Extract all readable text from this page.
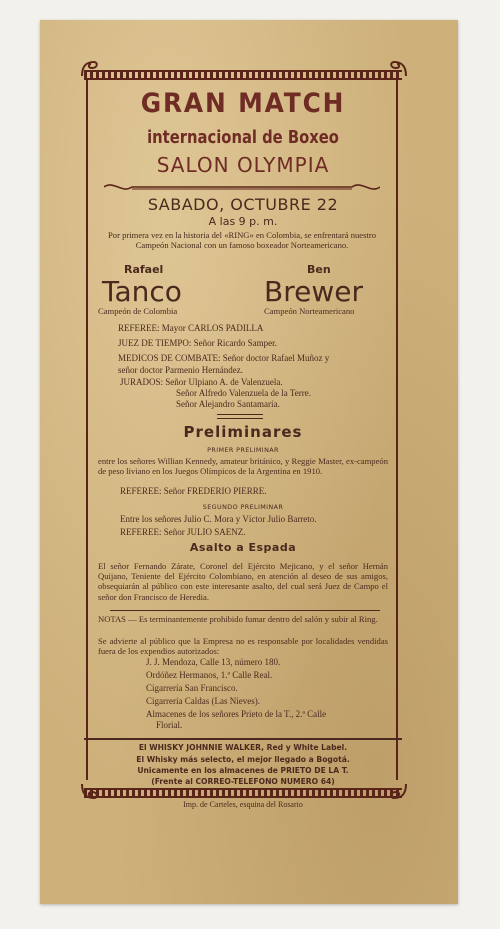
GRAN MATCH
internacional de Boxeo
SALON OLYMPIA
SABADO, OCTUBRE 22
A las 9 p. m.
Por primera vez en la historia del «RING» en Colombia, se enfrentará nuestro Campeón Nacional con un famoso boxeador Norteamericano.
Rafael
Tanco
Campeón de Colombia
Ben
Brewer
Campeón Norteamericano
REFEREE: Mayor CARLOS PADILLA
JUEZ DE TIEMPO: Señor Ricardo Samper.
MEDICOS DE COMBATE: Señor doctor Rafael Muñoz y
señor doctor Parmenio Hernández.
JURADOS: Señor Ulpiano A. de Valenzuela.
Señor Alfredo Valenzuela de la Terre.
Señor Alejandro Santamaría.
Preliminares
PRIMER PRELIMINAR
entre los señores Willian Kennedy, amateur británico, y Reggie Master, ex-campeón de peso liviano en los Juegos Olímpicos de la Argentina en 1910.
REFEREE: Señor FREDERIO PIERRE.
SEGUNDO PRELIMINAR
Entre los señores Julio C. Mora y Víctor Julio Barreto.
REFEREE: Señor JULIO SAENZ.
Asalto a Espada
El señor Fernando Zárate, Coronel del Ejército Mejicano, y el señor Hernán Quijano, Teniente del Ejército Colombiano, en atención al deseo de sus amigos, obsequiarán al público con este interesante asalto, del cual será Juez de Campo el señor don Francisco de Heredia.
NOTAS — Es terminantemente prohibido fumar dentro del salón y subir al Ring.
Se advierte al público que la Empresa no es responsable por localidades vendidas fuera de los expendios autorizados:
J. J. Mendoza, Calle 13, número 180.
Ordóñez Hermanos, 1.ª Calle Real.
Cigarrería San Francisco.
Cigarrería Caldas (Las Nieves).
Almacenes de los señores Prieto de la T., 2.ª Calle
Florial.
El WHISKY JOHNNIE WALKER, Red y White Label.
El Whisky más selecto, el mejor llegado a Bogotá.
Unicamente en los almacenes de PRIETO DE LA T.
(Frente al CORREO-TELEFONO NUMERO 64)
Imp. de Carteles, esquina del Rosario
